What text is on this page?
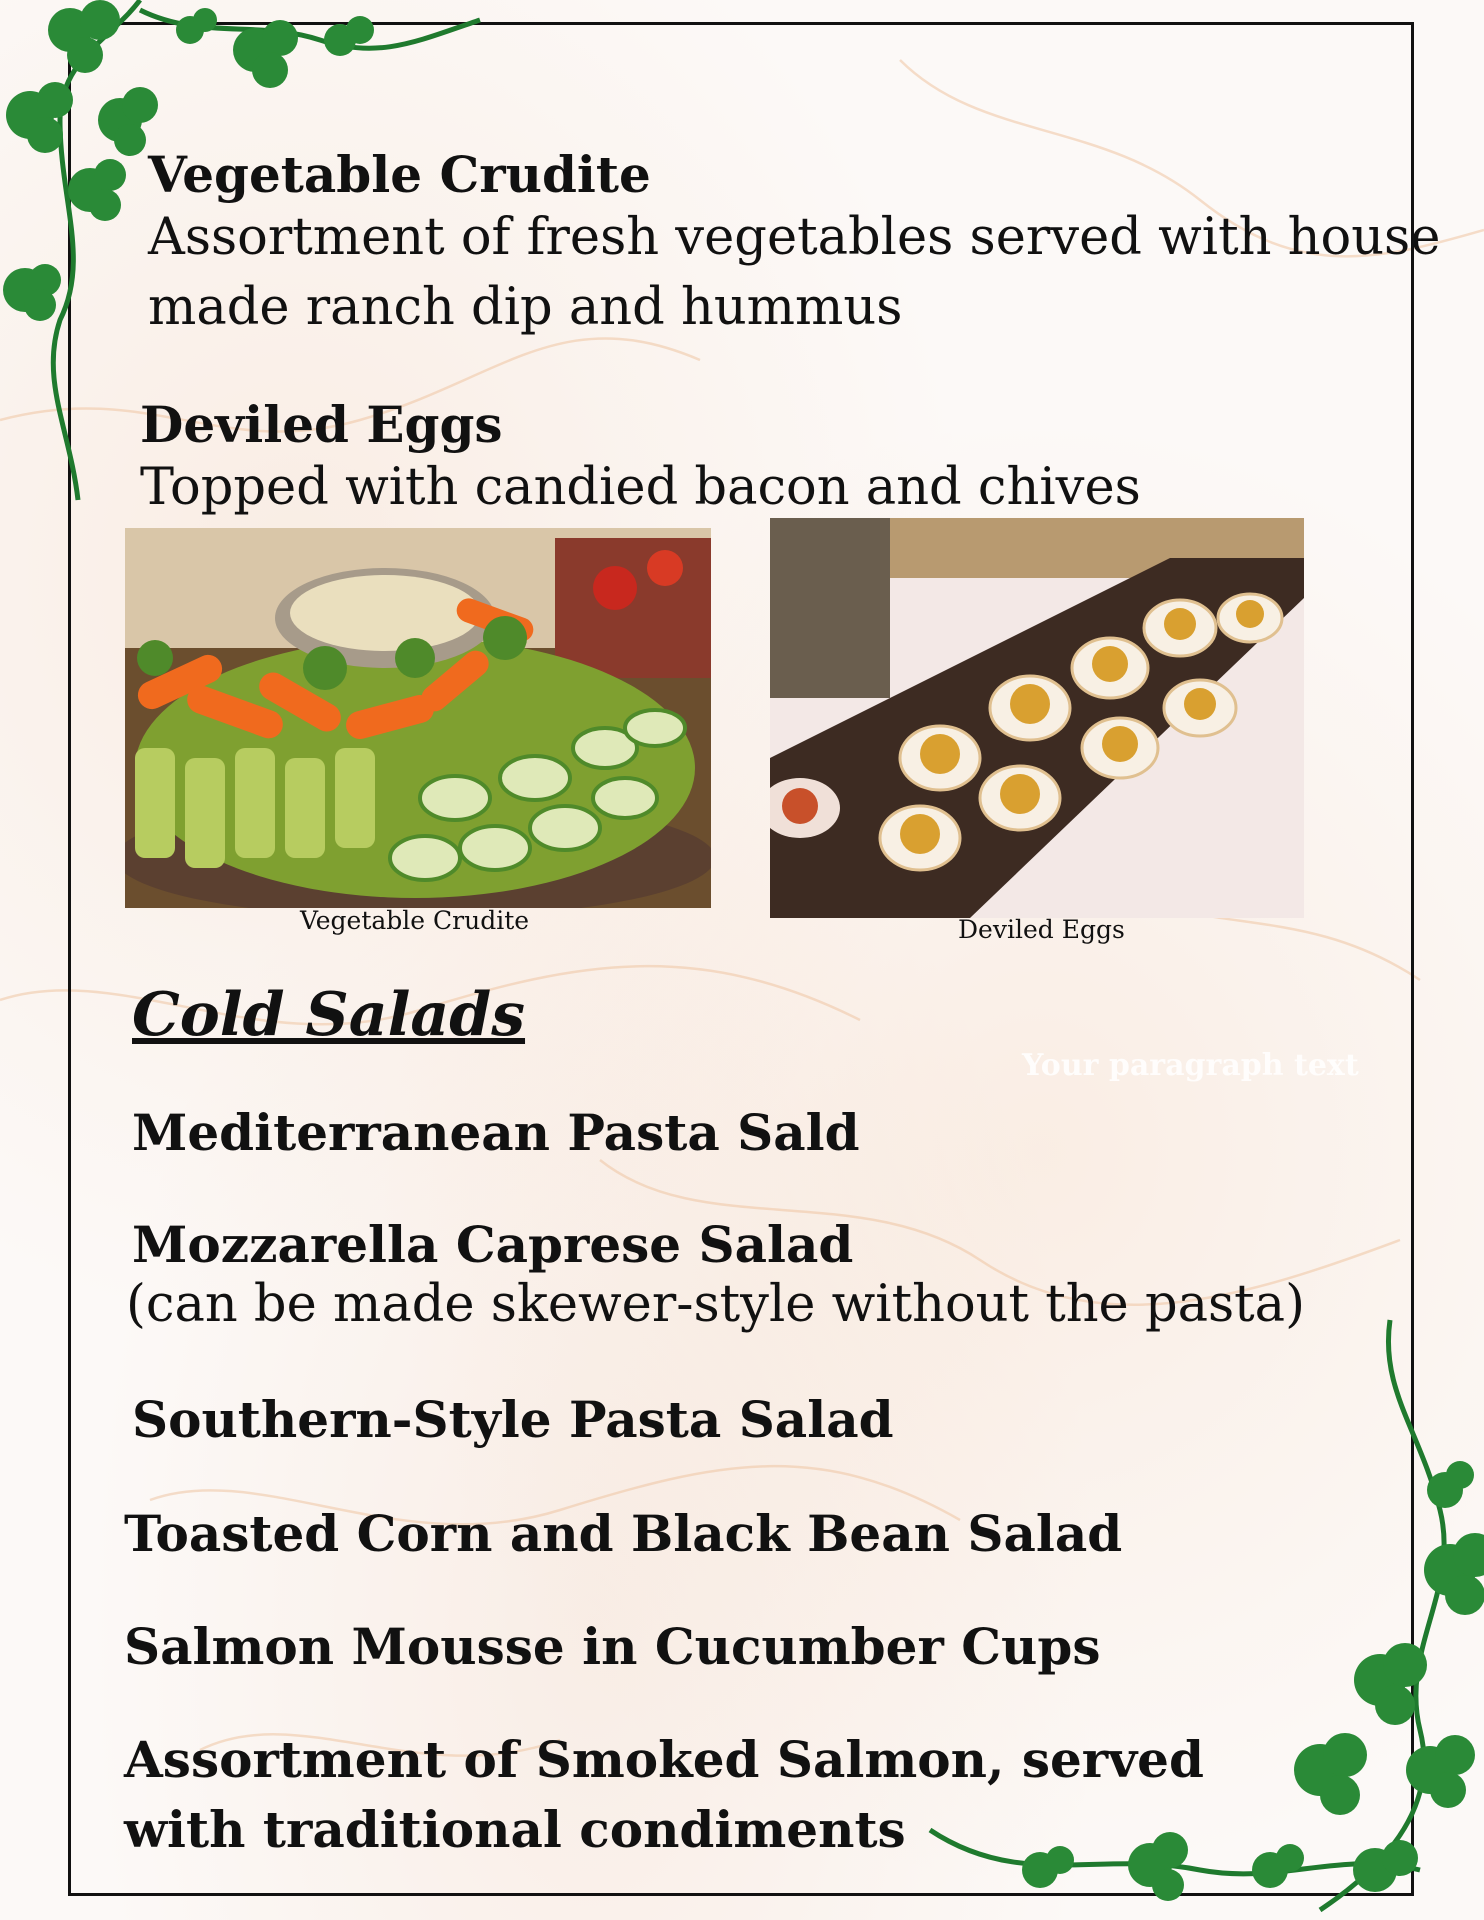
Vegetable Crudite
Assortment of fresh vegetables served with house
made ranch dip and hummus
Deviled Eggs
Topped with candied bacon and chives
Vegetable Crudite	Deviled Eggs
Cold Salads
Your paragraph text
Mediterranean Pasta Sald
Mozzarella Caprese Salad
(can be made skewer-style without the pasta)
Southern-Style Pasta Salad
Toasted Corn and Black Bean Salad
Salmon Mousse in Cucumber Cups
Assortment of Smoked Salmon, served
with traditional condiments
